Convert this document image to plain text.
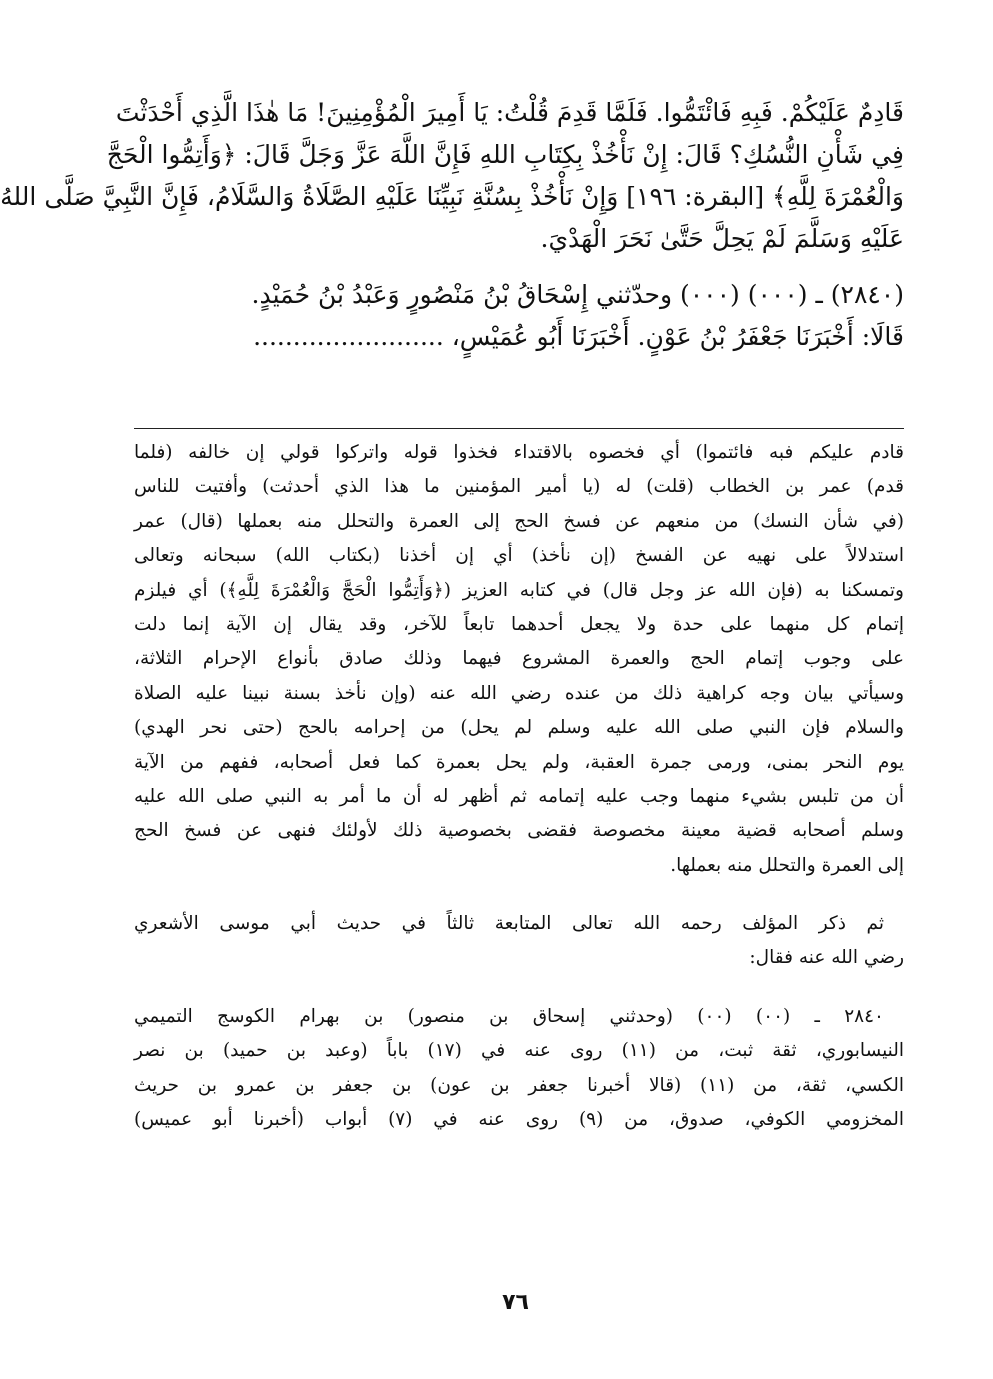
قَادِمٌ عَلَيْكُمْ. فَبِهِ فَائْتَمُّوا. فَلَمَّا قَدِمَ قُلْتُ: يَا أَمِيرَ الْمُؤْمِنِينَ! مَا هٰذَا الَّذِي أَحْدَثْتَ
فِي شَأْنِ النُّسُكِ؟ قَالَ: إِنْ نَأْخُذْ بِكِتَابِ اللهِ فَإِنَّ اللَّهَ عَزَّ وَجَلَّ قَالَ: ﴿وَأَتِمُّوا الْحَجَّ
وَالْعُمْرَةَ لِلَّهِ﴾ [البقرة: ١٩٦] وَإِنْ نَأْخُذْ بِسُنَّةِ نَبِيِّنَا عَلَيْهِ الصَّلَاةُ وَالسَّلَامُ، فَإِنَّ النَّبِيَّ صَلَّى اللهُ
عَلَيْهِ وَسَلَّمَ لَمْ يَحِلَّ حَتَّىٰ نَحَرَ الْهَدْيَ.
(٢٨٤٠) ـ (٠٠٠) (٠٠٠) وحدّثني إِسْحَاقُ بْنُ مَنْصُورٍ وَعَبْدُ بْنُ حُمَيْدٍ.
قَالَا: أَخْبَرَنَا جَعْفَرُ بْنُ عَوْنٍ. أَخْبَرَنَا أَبُو عُمَيْسٍ، ........................
قادم عليكم فبه فائتموا) أي فخصوه بالاقتداء فخذوا قوله واتركوا قولي إن خالفه (فلما
قدم) عمر بن الخطاب (قلت) له (يا أمير المؤمنين ما هذا الذي أحدثت) وأفتيت للناس
(في شأن النسك) من منعهم عن فسخ الحج إلى العمرة والتحلل منه بعملها (قال) عمر
استدلالاً على نهيه عن الفسخ (إن نأخذ) أي إن أخذنا (بكتاب الله) سبحانه وتعالى
وتمسكنا به (فإن الله عز وجل قال) في كتابه العزيز (﴿وَأَتِمُّوا الْحَجَّ وَالْعُمْرَةَ لِلَّهِ﴾) أي فيلزم
إتمام كل منهما على حدة ولا يجعل أحدهما تابعاً للآخر، وقد يقال إن الآية إنما دلت
على وجوب إتمام الحج والعمرة المشروع فيهما وذلك صادق بأنواع الإحرام الثلاثة،
وسيأتي بيان وجه كراهية ذلك من عنده رضي الله عنه (وإن نأخذ بسنة نبينا عليه الصلاة
والسلام فإن النبي صلى الله عليه وسلم لم يحل) من إحرامه بالحج (حتى نحر الهدي)
يوم النحر بمنى، ورمى جمرة العقبة، ولم يحل بعمرة كما فعل أصحابه، ففهم من الآية
أن من تلبس بشيء منهما وجب عليه إتمامه ثم أظهر له أن ما أمر به النبي صلى الله عليه
وسلم أصحابه قضية معينة مخصوصة فقضى بخصوصية ذلك لأولئك فنهى عن فسخ الحج
إلى العمرة والتحلل منه بعملها.
ثم ذكر المؤلف رحمه الله تعالى المتابعة ثالثاً في حديث أبي موسى الأشعري
رضي الله عنه فقال:
٢٨٤٠ ـ (٠٠) (٠٠) (وحدثني إسحاق بن منصور) بن بهرام الكوسج التميمي
النيسابوري، ثقة ثبت، من (١١) روى عنه في (١٧) باباً (وعبد بن حميد) بن نصر
الكسي، ثقة، من (١١) (قالا أخبرنا جعفر بن عون) بن جعفر بن عمرو بن حريث
المخزومي الكوفي، صدوق، من (٩) روى عنه في (٧) أبواب (أخبرنا أبو عميس)
٧٦
